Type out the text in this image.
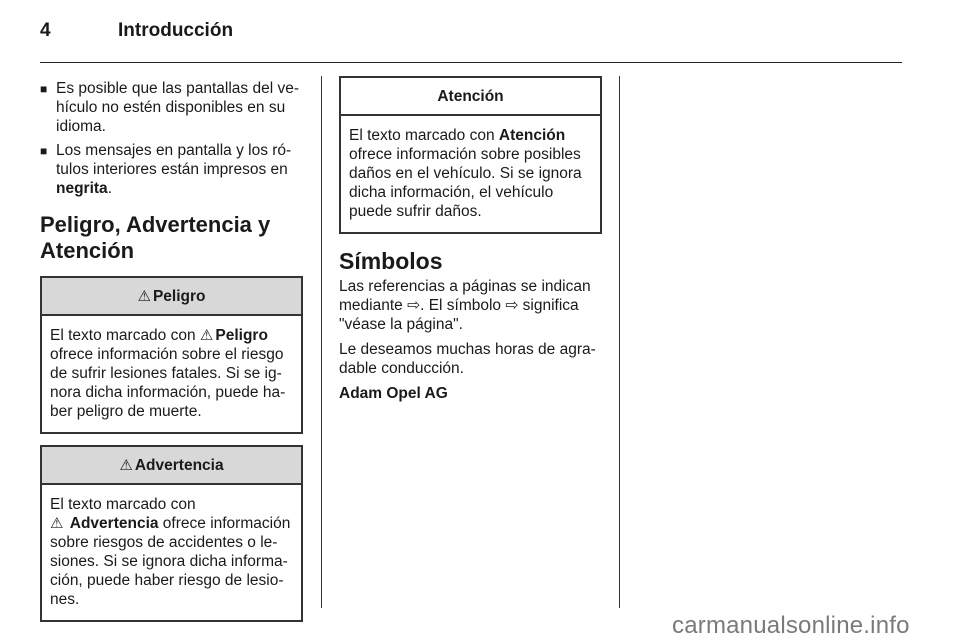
4	Introducción
■ Es posible que las pantallas del ve-hículo no estén disponibles en su idioma.
■ Los mensajes en pantalla y los ró-tulos interiores están impresos en negrita.
Peligro, Advertencia y Atención
⚠ Peligro
El texto marcado con ⚠ Peligro ofrece información sobre el riesgo de sufrir lesiones fatales. Si se ig-nora dicha información, puede ha-ber peligro de muerte.
⚠ Advertencia
El texto marcado con
⚠ Advertencia ofrece información sobre riesgos de accidentes o le-siones. Si se ignora dicha informa-ción, puede haber riesgo de lesio-nes.
Atención
El texto marcado con Atención ofrece información sobre posibles daños en el vehículo. Si se ignora dicha información, el vehículo puede sufrir daños.
Símbolos

Las referencias a páginas se indican mediante ⇨. El símbolo ⇨ significa "véase la página".

Le deseamos muchas horas de agra-dable conducción.

Adam Opel AG

carmanualsonline.info
